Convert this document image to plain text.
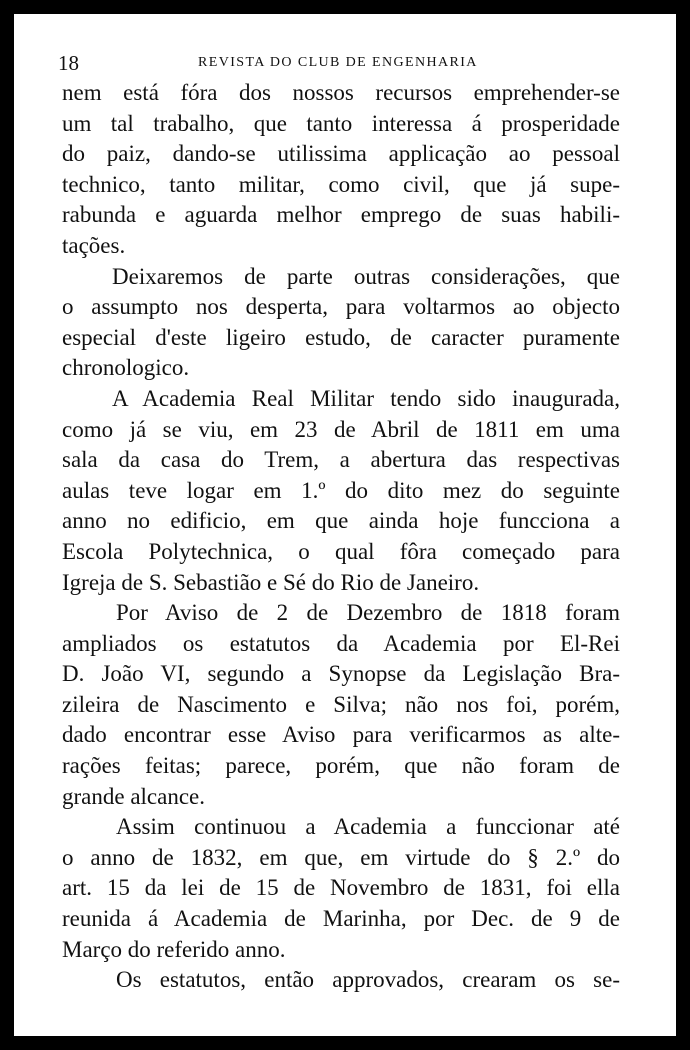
18	REVISTA DO CLUB DE ENGENHARIA
nem está fóra dos nossos recursos emprehender-se
um tal trabalho, que tanto interessa á prosperidade
do paiz, dando-se utilissima applicação ao pessoal
technico, tanto militar, como civil, que já supe-
rabunda e aguarda melhor emprego de suas habili-
tações.
Deixaremos de parte outras considerações, que
o assumpto nos desperta, para voltarmos ao objecto
especial d'este ligeiro estudo, de caracter puramente
chronologico.
A Academia Real Militar tendo sido inaugurada,
como já se viu, em 23 de Abril de 1811 em uma
sala da casa do Trem, a abertura das respectivas
aulas teve logar em 1.º do dito mez do seguinte
anno no edificio, em que ainda hoje funcciona a
Escola Polytechnica, o qual fôra começado para
Igreja de S. Sebastião e Sé do Rio de Janeiro.
Por Aviso de 2 de Dezembro de 1818 foram
ampliados os estatutos da Academia por El-Rei
D. João VI, segundo a Synopse da Legislação Bra-
zileira de Nascimento e Silva; não nos foi, porém,
dado encontrar esse Aviso para verificarmos as alte-
rações feitas; parece, porém, que não foram de
grande alcance.
Assim continuou a Academia a funccionar até
o anno de 1832, em que, em virtude do § 2.º do
art. 15 da lei de 15 de Novembro de 1831, foi ella
reunida á Academia de Marinha, por Dec. de 9 de
Março do referido anno.
Os estatutos, então approvados, crearam os se-
